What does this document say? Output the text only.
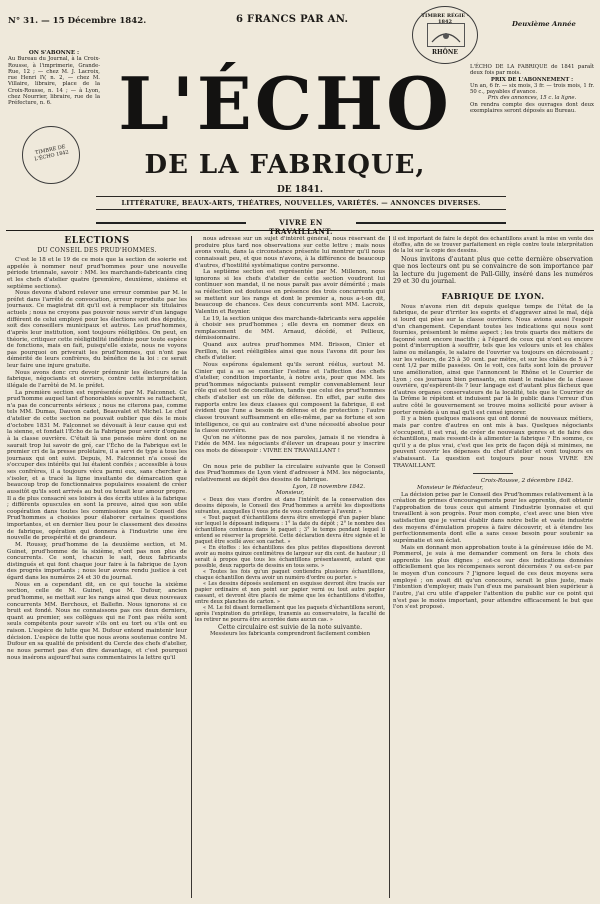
N° 31. — 15 Décembre 1842.	6 FRANCS PAR AN.	Deuxième Année
TIMBRE DE L'ÉCHO 1842
TIMBRE RÉGIE · 1842
RHÔNE
ON S'ABONNE :
Au Bureau du Journal, à la Croix-Rousse, à l'imprimerie, Grande-Rue, 12 ; — chez M. J. Lacroix, rue Henri IV, n. 2, — chez M. Villaire, libraire, place de la Croix-Rousse, n. 14 ; — à Lyon, chez Nourrier, libraire, rue de la Préfecture, n. 6.
L'ÉCHO DE LA FABRIQUE de 1841 paraît deux fois par mois.
PRIX DE L'ABONNEMENT :
Un an, 6 fr. — six mois, 3 fr. — trois mois, 1 fr. 50 c., payables d'avance.
Prix des annonces, 15 c. la ligne.
On rendra compte des ouvrages dont deux exemplaires seront déposés au Bureau.
L'ÉCHO
DE LA FABRIQUE,
DE 1841.
LITTÉRATURE, BEAUX-ARTS, THÉATRES, NOUVELLES, VARIÉTÉS. — ANNONCES DIVERSES.
VIVRE EN TRAVAILLANT.
ÉLECTIONS
DU CONSEIL DES PRUD'HOMMES.

C'est le 18 et le 19 de ce mois que la section de soierie est appelée à nommer neuf prud'hommes pour une nouvelle période triennale, savoir : MM. les marchands-fabricants cinq et les chefs d'atelier quatre (première, deuxième, sixième et septième sections).

Nous devons d'abord relever une erreur commise par M. le préfet dans l'arrêté de convocation, erreur reproduite par les journaux. Ce magistrat dit qu'il est à remplacer six titulaires actuels ; nous ne croyons pas pouvoir nous servir d'un langage différent de celui employé pour les élections soit des députés, soit des conseillers municipaux et autres. Les prud'hommes, d'après leur institution, sont toujours rééligibles. On peut, en théorie, critiquer cette rééligibilité indéfinie pour toute espèce de fonctions, mais en fait, puisqu'elle existe, nous ne voyons pas pourquoi on priverait les prud'hommes, qui n'ont pas démérité de leurs confrères, du bénéfice de la loi : ce serait leur faire une injure gratuite.

Nous avons donc cru devoir prémunir les électeurs de la fabrique, négociants et ouvriers, contre cette interprétation illégale de l'arrêté de M. le préfet.

La première section est représentée par M. Falconnet. Ce prud'homme auquel tant d'honorables souvenirs se rattachent, n'a pas de concurrents sérieux ; nous ne citerons pas, comme tels MM. Dumas, Dauvon cadet, Beauvalet et Michel. Le chef d'atelier de cette section ne pouvait oublier que dès le mois d'octobre 1831 M. Falconnet se dévouait à leur cause qui est la sienne, et fondait l'Écho de la Fabrique pour servir d'organe à la classe ouvrière. C'était là une pensée mère dont on ne saurait trop lui savoir de gré, car l'Écho de la Fabrique est le premier cri de la presse prolétaire, il a servi de type à tous les journaux qui ont suivi. Depuis, M. Falconnet n'a cessé de s'occuper des intérêts qui lui étaient confiés ; accessible à tous ses confrères, il a toujours vécu parmi eux, sans chercher à s'isoler, et a tracé la ligne insultante de démarcation que beaucoup trop de fonctionnaires populaires essaient de créer aussitôt qu'ils sont arrivés au but ou tenait leur amour propre. Il a de plus consacré ses loisirs à des écrits utiles à la fabrique ; différents opuscules en sont la preuve, ainsi que son utile coopération dans toutes les commissions que le Conseil des Prud'hommes a choisies pour élaborer certaines questions importantes, et en dernier lieu pour le classement des dessins de fabrique, opération qui donnera à l'industrie une ère nouvelle de prospérité et de grandeur.

M. Roussy, prud'homme de la deuxième section, et M. Guinet, prud'homme de la sixième, n'ont pas non plus de concurrents. Ce sont, chacun le sait, deux fabricants distingués et qui font chaque jour faire à la fabrique de Lyon des progrès importants ; nous leur avons rendu justice à cet égard dans les numéros 24 et 30 du journal.

Nous en a cependant dit, en ce qui touche la sixième section, celle de M. Guinet, que M. Dufour, ancien prud'homme, se mettait sur les rangs ainsi que deux nouveaux concurrents MM. Berchoux, et Ballefin. Nous ignorons si ce bruit est fondé. Nous ne connaissons pas ces deux derniers, quant au premier, ses collègues qui ne l'ont pas réélu sont seuls compétents pour savoir s'ils ont eu tort ou s'ils ont eu raison. L'espèce de lutte que M. Dufour entend maintenir leur décision. L'espèce de lutte que nous avons soutenue contre M. Dufour en sa qualité de président du Cercle des chefs d'atelier, ne nous permet pas d'en dire davantage, et c'est pourquoi nous insérons aujourd'hui sans commentaires la lettre qu'il

nous adresse sur un sujet d'intérêt général, nous réservant de produire plus tard nos observations sur cette lettre ; mais nous avons voulu, dans la circonstance présente lui montrer qu'il nous connaissait peu, et que nous n'avons, à la différence de beaucoup d'autres, d'hostilité systématique contre personne.

La septième section est représentée par M. Millenon, nous ignorons si les chefs d'atelier de cette section voudront lui continuer son mandat, il ne nous paraît pas avoir démérité ; mais sa réélection est douteuse en présence des trois concurrents qui se mettent sur les rangs et dont le premier a, nous a-t-on dit, beaucoup de chances. Ces deux concurrents sont MM. Lacroix, Valentin et Reynier.

Le 19, la section unique des marchands-fabricants sera appelée à choisir ses prud'hommes ; elle devra en nommer deux en remplacement de MM. Arnaud, décédé, et Pellieux, démissionnaire.

Quand aux autres prud'hommes MM. Brisson, Cinier et Perillon, ils sont rééligibles ainsi que nous l'avons dit pour les chefs d'atelier.

Nous espérons également qu'ils seront réélus, surtout M. Cinier qui a su se concilier l'estime et l'affection des chefs d'atelier, condition importante, à notre avis, pour que MM. les prud'hommes négociants puissent remplir convenablement leur rôle qui est tout de conciliation, tandis que celui des prud'hommes chefs d'atelier est un rôle de défense. En effet, par suite des rapports entre les deux classes qui composent la fabrique, il est évident que l'une a besoin de défense et de protection ; l'autre classe trouvant suffisamment en elle-même, par sa fortune et son intelligence, ce qui au contraire est d'une nécessité absolue pour la classe ouvrière.

Qu'on ne s'étonne pas de nos paroles, jamais il ne viendra à l'idée de MM. les négociants d'élever un drapeau pour y inscrire ces mots de désespoir : VIVRE EN TRAVAILLANT !

On nous prie de publier la circulaire suivante que le Conseil des Prud'hommes de Lyon vient d'adresser à MM. les négociants, relativement au dépôt des dessins de fabrique.

Lyon, 18 novembre 1842.
Monsieur,

« Deux des vues d'ordre et dans l'intérêt de la conservation des dessins déposés, le Conseil des Prud'hommes a arrêté les dispositions suivantes, auxquelles il vous prie de vous conformer à l'avenir. »

« Tout paquet d'échantillons devra être enveloppé d'un papier blanc sur lequel le déposant indiquera : 1° la date du dépôt ; 2° le nombre des échantillons contenus dans le paquet ; 3° le temps pendant lequel il entend se réserver la propriété. Cette déclaration devra être signée et le paquet être scellé avec son cachet. »

« En étoffes : les échantillons des plus petites dispositions devront avoir au moins quinze centimètres de largeur sur dix cent. de hauteur ; il serait à propos que tous les échantillons présentassent, autant que possible, deux rapports de dessins en tous sens. »

« Toutes les fois qu'un paquet contiendra plusieurs échantillons, chaque échantillon devra avoir un numéro d'ordre ou porter. »

« Les dessins déposés seulement en esquisse devront être tracés sur papier ordinaire et non point sur papier verni ou tout autre papier cassant, et devront être placés de même que les échantillons d'étoffes, entre deux planches de carton. »

« M. Le fol disant formellement que les paquets d'échantillons seront, après l'expiration du privilège, transmis au conservatoire, la faculté de les retirer ne pourra être accordée dans aucun cas. »

Cette circulaire est suivie de la note suivante.
Messieurs les fabricants comprendront facilement combien
il est important de faire le dépôt des échantillons avant la mise en vente des étoffes, afin de se trouver parfaitement en règle contre toute interprétation de la loi sur la copie des dessins.

Nous invitons d'autant plus que cette dernière observation que nos lecteurs ont pu se convaincre de son importance par la lecture du jugement de Pall-Gilly, inséré dans les numéros 29 et 30 du journal.

FABRIQUE DE LYON.

Nous n'avons rien dit depuis quelque temps de l'état de la fabrique, de peur d'irriter les esprits et d'aggraver ainsi le mal, déjà si lourd qui pèse sur la classe ouvrière. Nous avions aussi l'espoir d'un changement. Cependant toutes les indications qui nous sont fournies, présentent le même aspect ; les trois quarts des métiers de façonné sont encore inactifs ; à l'égard de ceux qui n'ont eu encore point d'interruption à souffrir, tels que les velours unis et les châles laine ou mélangés, le salaire de l'ouvrier va toujours en décroissant ; sur les velours, de 25 à 30 cent. par mètre, et sur les châles de 5 à 7 cent 1/2 par mille passées. On le voit, ces faits sont loin de prouver une amélioration, ainsi que l'annoncent le Rhône et le Courrier de Lyon ; ces journaux bien pensants, en niant le malaise de la classe ouvrière, qu'espèrent-ils ? leur langage est d'autant plus fâcheux que d'autres organes conservateurs de la localité, tels que le Courrier de la Drôme le répètent et induisent par là le public dans l'erreur d'un autre côté le gouvernement se trouve moins sollicité pour aviser à porter remède à un mal qu'il est censé ignorer.

Il y a bien quelques maisons qui ont donné de nouveaux métiers, mais par contre d'autres en ont mis à bas. Quelques négociants s'occupent, il est vrai, de créer de nouveaux genres et de faire des échantillons, mais ressent-ils à alimenter la fabrique ? En somme, ce qu'il y a de plus vrai, c'est que les prix de façon déjà si minimes, ne peuvent couvrir les dépenses du chef d'atelier et vont toujours en s'abaissant. La question est toujours pour nous VIVRE EN TRAVAILLANT.

Croix-Rousse, 2 décembre 1842.
Monsieur le Rédacteur,

La décision prise par le Conseil des Prud'hommes relativement à la création de primes d'encouragements pour les apprentis, doit obtenir l'approbation de tous ceux qui aiment l'industrie lyonnaise et qui travaillent à son progrès. Pour mon compte, c'est avec une bien vive satisfaction que je verrai établir dans notre belle et vaste industrie des moyens d'émulation propres à faire découvrir, et à étendre les perfectionnements dont elle a sans cesse besoin pour soutenir sa suprématie et son éclat.

Mais en donnant mon approbation toute à la généreuse idée de M. Pommerol, je suis à me demander comment on fera le choix des apprentis les plus dignes ; est-ce sur des indications données officiellement que les récompenses seront décernées ? ou est-ce par le moyen d'un concours ? J'ignore lequel de ces deux moyens sera employé ; on avait dit qu'un concours, serait le plus juste, mais l'intention d'employer, mais l'un d'eux me paraissant bien supérieur à l'autre, j'ai cru utile d'appeler l'attention du public sur ce point qui n'est pas le moins important, pour attendre efficacement le but que l'on s'est proposé.
